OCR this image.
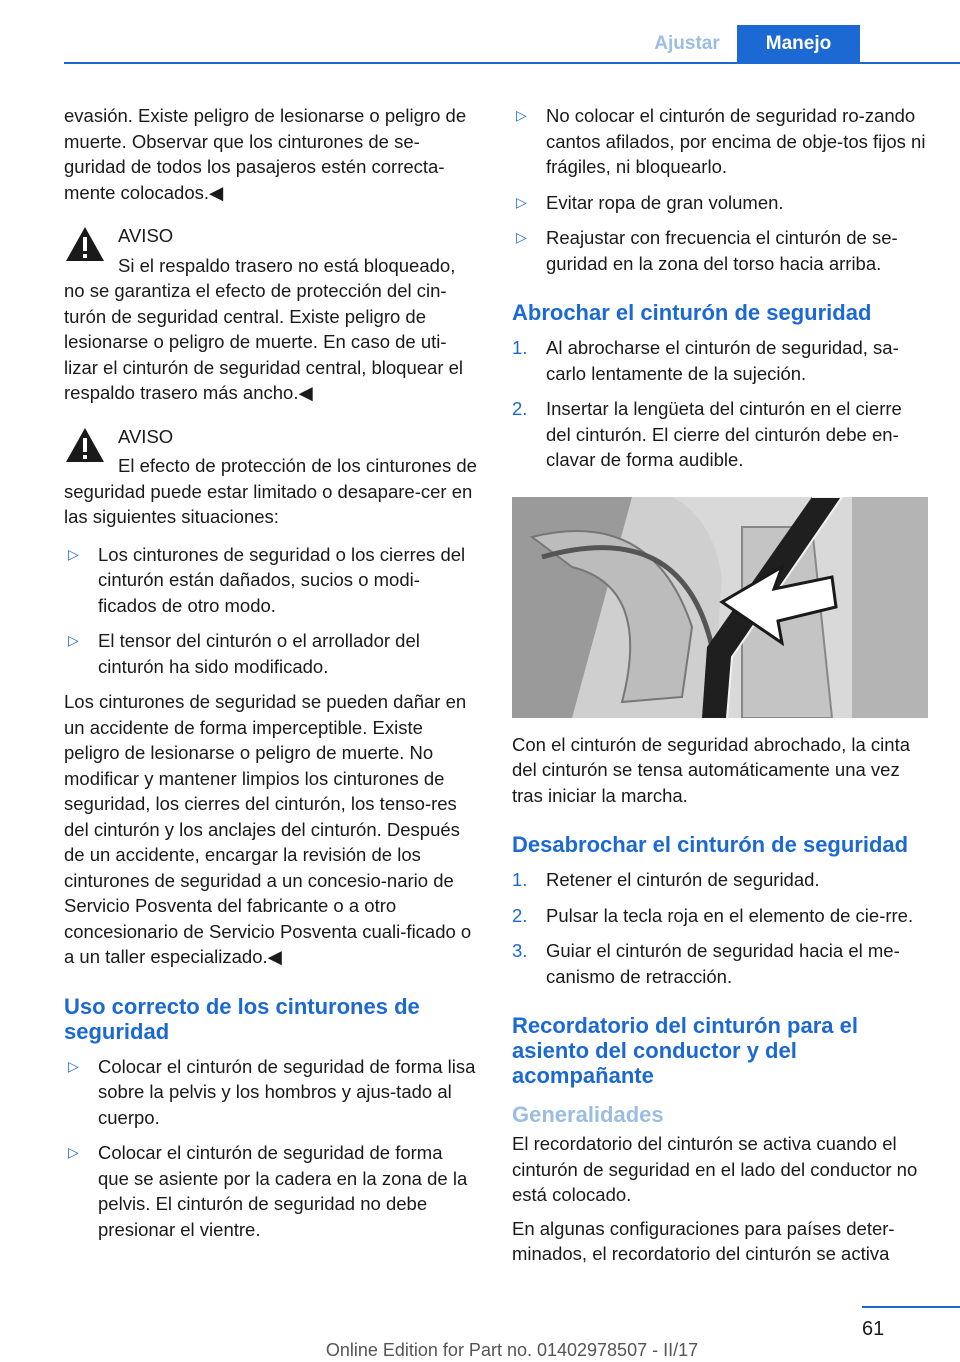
Ajustar	Manejo

evasión. Existe peligro de lesionarse o peligro de muerte. Observar que los cinturones de se‐guridad de todos los pasajeros estén correcta‐mente colocados.◀

AVISO
Si el respaldo trasero no está bloqueado, no se garantiza el efecto de protección del cin‐turón de seguridad central. Existe peligro de lesionarse o peligro de muerte. En caso de uti‐lizar el cinturón de seguridad central, bloquear el respaldo trasero más ancho.◀
AVISO
El efecto de protección de los cinturones de seguridad puede estar limitado o desapare‐cer en las siguientes situaciones:
▷ Los cinturones de seguridad o los cierres del cinturón están dañados, sucios o modi‐ficados de otro modo.
▷ El tensor del cinturón o el arrollador del cinturón ha sido modificado.

Los cinturones de seguridad se pueden dañar en un accidente de forma imperceptible. Existe peligro de lesionarse o peligro de muerte. No modificar y mantener limpios los cinturones de seguridad, los cierres del cinturón, los tenso‐res del cinturón y los anclajes del cinturón. Después de un accidente, encargar la revisión de los cinturones de seguridad a un concesio‐nario de Servicio Posventa del fabricante o a otro concesionario de Servicio Posventa cuali‐ficado o a un taller especializado.◀

Uso correcto de los cinturones de seguridad
▷ Colocar el cinturón de seguridad de forma lisa sobre la pelvis y los hombros y ajus‐tado al cuerpo.
▷ Colocar el cinturón de seguridad de forma que se asiente por la cadera en la zona de la pelvis. El cinturón de seguridad no debe presionar el vientre.
▷ No colocar el cinturón de seguridad ro‐zando cantos afilados, por encima de obje‐tos fijos ni frágiles, ni bloquearlo.
▷ Evitar ropa de gran volumen.
▷ Reajustar con frecuencia el cinturón de se‐guridad en la zona del torso hacia arriba.
Abrochar el cinturón de seguridad
1. Al abrocharse el cinturón de seguridad, sa‐carlo lentamente de la sujeción.
2. Insertar la lengüeta del cinturón en el cierre del cinturón. El cierre del cinturón debe en‐clavar de forma audible.

Con el cinturón de seguridad abrochado, la cinta del cinturón se tensa automáticamente una vez tras iniciar la marcha.

Desabrochar el cinturón de seguridad
1. Retener el cinturón de seguridad.
2. Pulsar la tecla roja en el elemento de cie‐rre.
3. Guiar el cinturón de seguridad hacia el me‐canismo de retracción.
Recordatorio del cinturón para el asiento del conductor y del acompañante
Generalidades

El recordatorio del cinturón se activa cuando el cinturón de seguridad en el lado del conductor no está colocado.

En algunas configuraciones para países deter‐minados, el recordatorio del cinturón se activa

61
Online Edition for Part no. 01402978507 - II/17
